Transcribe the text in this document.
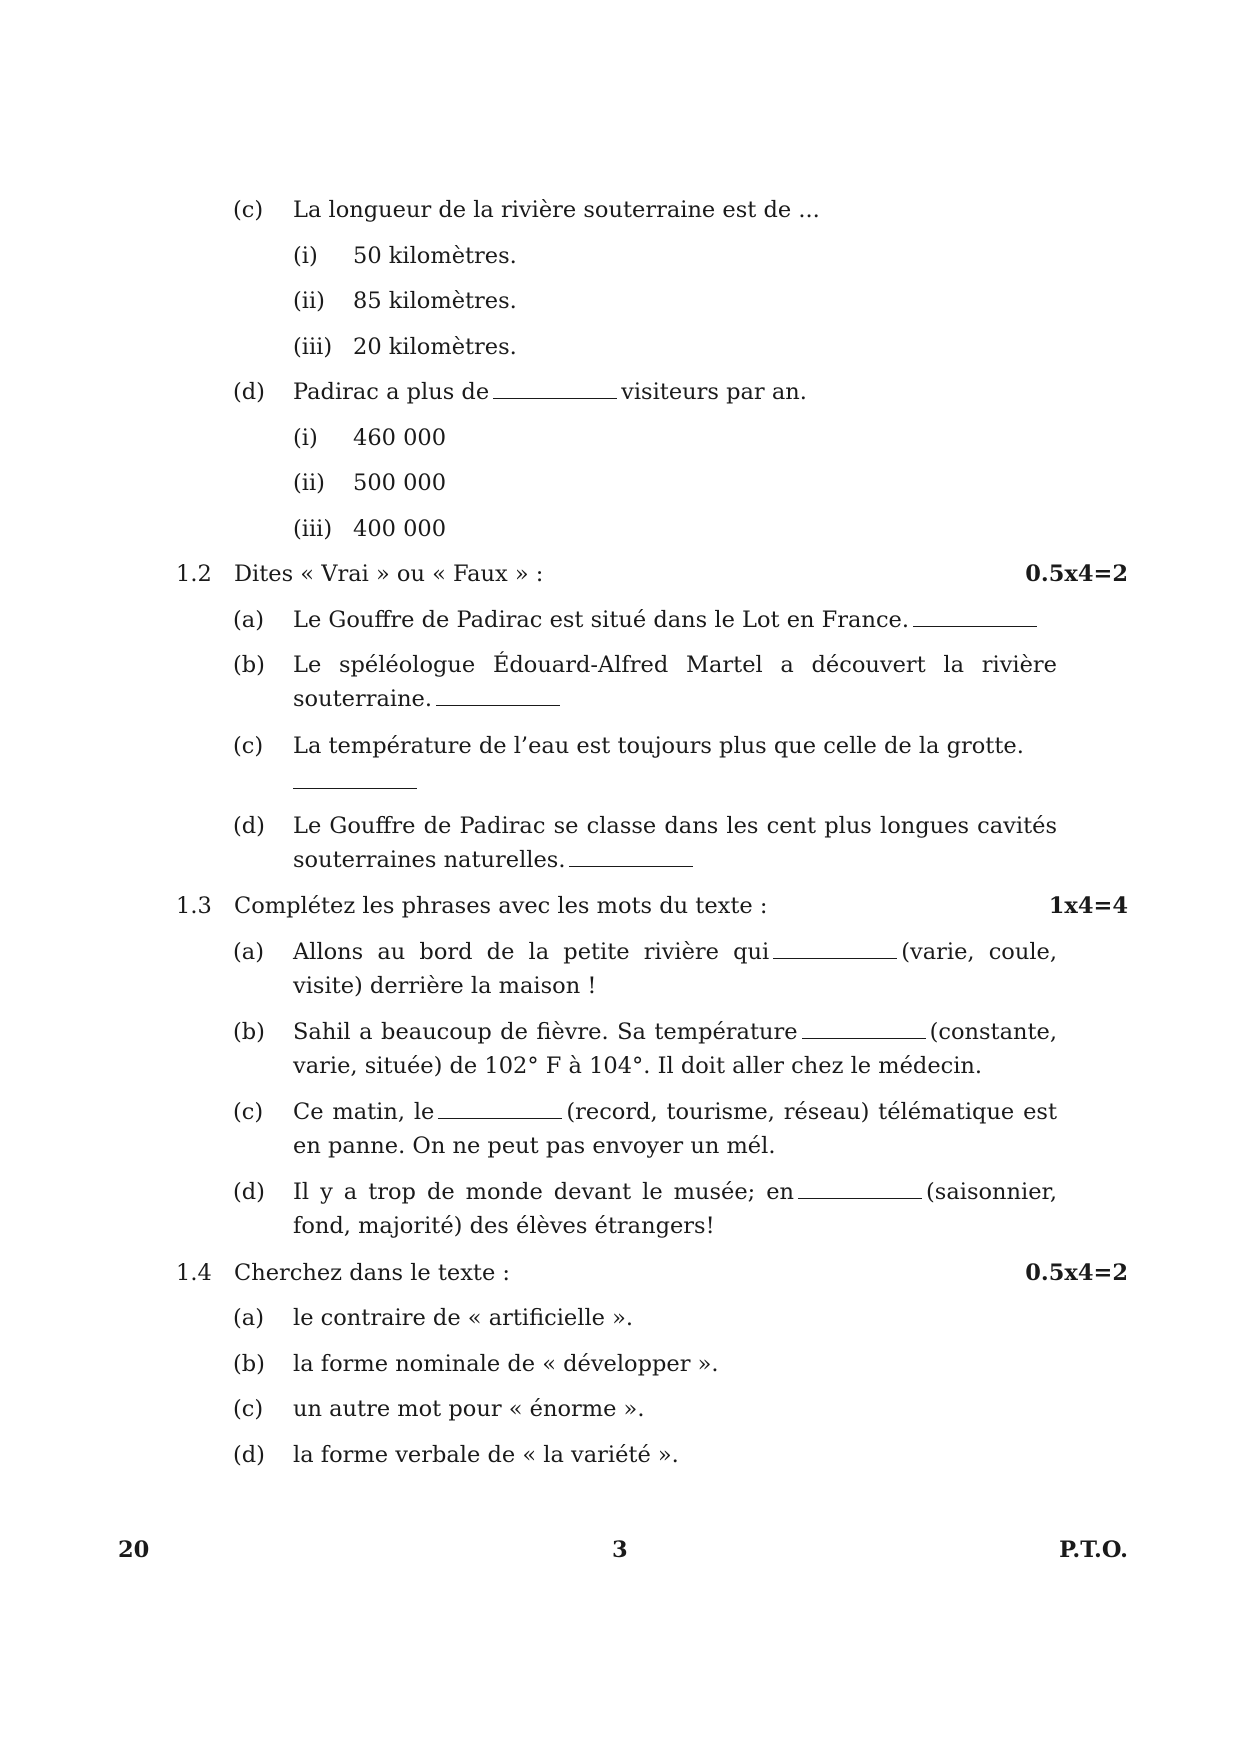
(c) La longueur de la rivière souterraine est de ...
(i) 50 kilomètres.
(ii) 85 kilomètres.
(iii) 20 kilomètres.
(d) Padirac a plus de	visiteurs par an.
(i) 460 000
(ii) 500 000
(iii) 400 000
1.2 Dites « Vrai » ou « Faux » :	0.5x4=2
(a) Le Gouffre de Padirac est situé dans le Lot en France.
(b) Le spéléologue Édouard-Alfred Martel a découvert la rivière souterraine.
(c) La température de l’eau est toujours plus que celle de la grotte.
(d) Le Gouffre de Padirac se classe dans les cent plus longues cavités souterraines naturelles.
1.3 Complétez les phrases avec les mots du texte :	1x4=4
(a) Allons au bord de la petite rivière qui	(varie, coule, visite) derrière la maison !
(b) Sahil a beaucoup de fièvre. Sa température	(constante, varie, située) de 102° F à 104°. Il doit aller chez le médecin.
(c) Ce matin, le	(record, tourisme, réseau) télématique est en panne. On ne peut pas envoyer un mél.
(d) Il y a trop de monde devant le musée; en	(saisonnier, fond, majorité) des élèves étrangers!
1.4 Cherchez dans le texte :	0.5x4=2
(a) le contraire de « artificielle ».
(b) la forme nominale de « développer ».
(c) un autre mot pour « énorme ».
(d) la forme verbale de « la variété ».
20	3	P.T.O.
